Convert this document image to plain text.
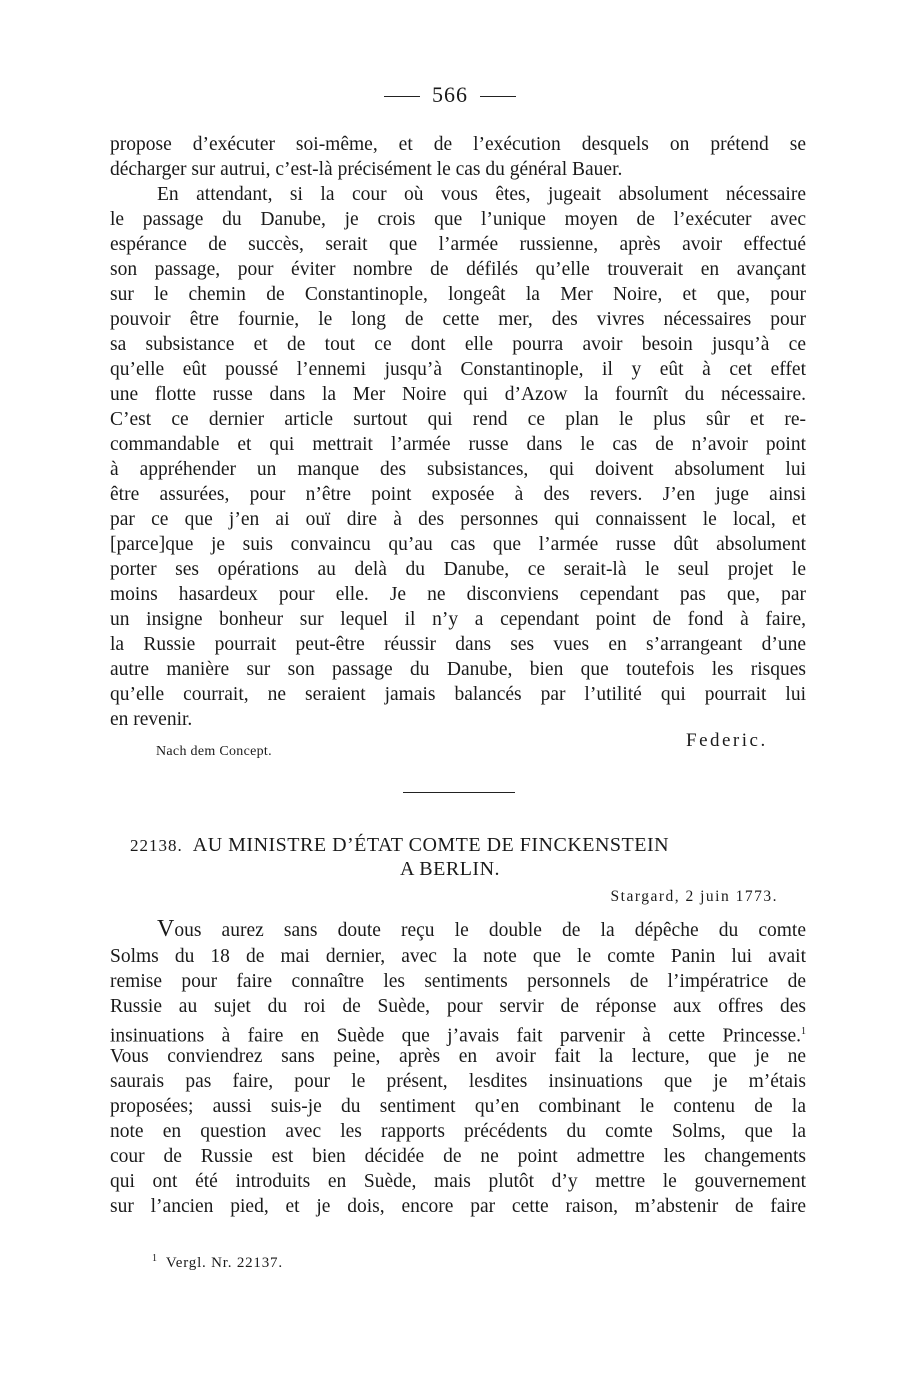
566
propose d’exécuter soi-même, et de l’exécution desquels on prétend se
décharger sur autrui, c’est-là précisément le cas du général Bauer.
En attendant, si la cour où vous êtes, jugeait absolument nécessaire
le passage du Danube, je crois que l’unique moyen de l’exécuter avec
espérance de succès, serait que l’armée russienne, après avoir effectué
son passage, pour éviter nombre de défilés qu’elle trouverait en avançant
sur le chemin de Constantinople, longeât la Mer Noire, et que, pour
pouvoir être fournie, le long de cette mer, des vivres nécessaires pour
sa subsistance et de tout ce dont elle pourra avoir besoin jusqu’à ce
qu’elle eût poussé l’ennemi jusqu’à Constantinople, il y eût à cet effet
une flotte russe dans la Mer Noire qui d’Azow la fournît du nécessaire.
C’est ce dernier article surtout qui rend ce plan le plus sûr et re-
commandable et qui mettrait l’armée russe dans le cas de n’avoir point
à appréhender un manque des subsistances, qui doivent absolument lui
être assurées, pour n’être point exposée à des revers. J’en juge ainsi
par ce que j’en ai ouï dire à des personnes qui connaissent le local, et
[parce]que je suis convaincu qu’au cas que l’armée russe dût absolument
porter ses opérations au delà du Danube, ce serait-là le seul projet le
moins hasardeux pour elle. Je ne disconviens cependant pas que, par
un insigne bonheur sur lequel il n’y a cependant point de fond à faire,
la Russie pourrait peut-être réussir dans ses vues en s’arrangeant d’une
autre manière sur son passage du Danube, bien que toutefois les risques
qu’elle courrait, ne seraient jamais balancés par l’utilité qui pourrait lui
en revenir.
Federic.
Nach dem Concept.
22138. AU MINISTRE D’ÉTAT COMTE DE FINCKENSTEIN
A BERLIN.
Stargard, 2 juin 1773.
Vous aurez sans doute reçu le double de la dépêche du comte
Solms du 18 de mai dernier, avec la note que le comte Panin lui avait
remise pour faire connaître les sentiments personnels de l’impératrice de
Russie au sujet du roi de Suède, pour servir de réponse aux offres des
insinuations à faire en Suède que j’avais fait parvenir à cette Princesse.$^1$
Vous conviendrez sans peine, après en avoir fait la lecture, que je ne
saurais pas faire, pour le présent, lesdites insinuations que je m’étais
proposées; aussi suis-je du sentiment qu’en combinant le contenu de la
note en question avec les rapports précédents du comte Solms, que la
cour de Russie est bien décidée de ne point admettre les changements
qui ont été introduits en Suède, mais plutôt d’y mettre le gouvernement
sur l’ancien pied, et je dois, encore par cette raison, m’abstenir de faire
$^1$ Vergl. Nr. 22137.
